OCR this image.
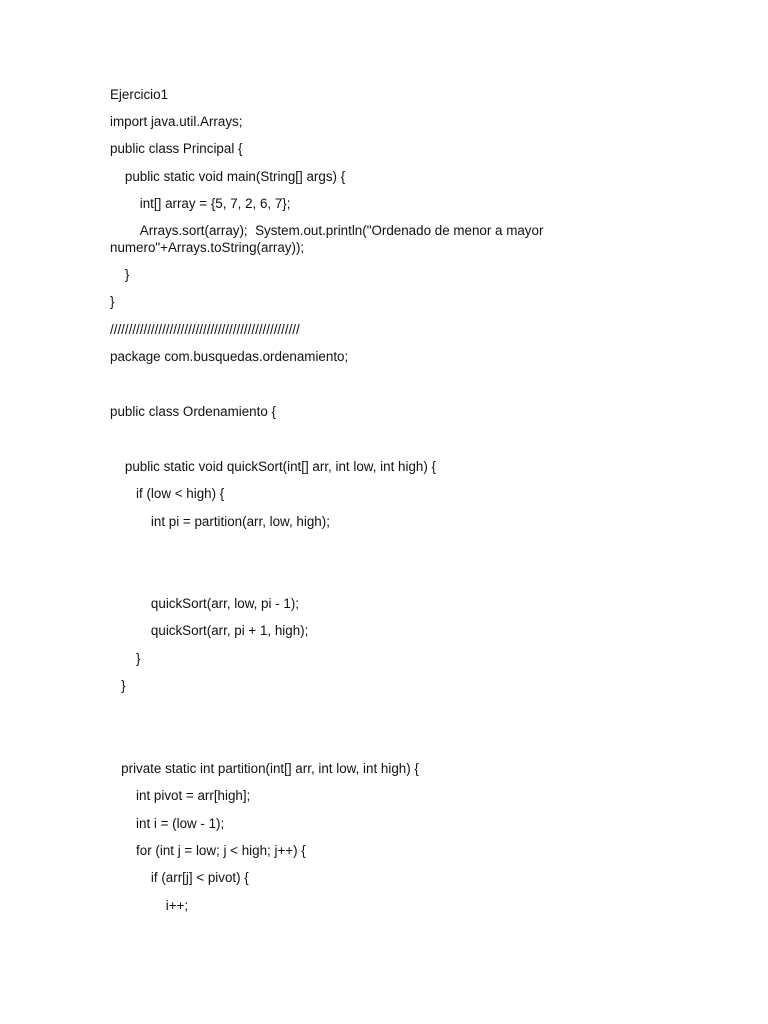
Ejercicio1
import java.util.Arrays;
public class Principal {
public static void main(String[] args) {
int[] array = {5, 7, 2, 6, 7};
Arrays.sort(array);  System.out.println("Ordenado de menor a mayor numero"+Arrays.toString(array));
}
}
///////////////////////////////////////////////////
package com.busquedas.ordenamiento;
public class Ordenamiento {
public static void quickSort(int[] arr, int low, int high) {
if (low < high) {
int pi = partition(arr, low, high);
quickSort(arr, low, pi - 1);
quickSort(arr, pi + 1, high);
}
}
private static int partition(int[] arr, int low, int high) {
int pivot = arr[high];
int i = (low - 1);
for (int j = low; j < high; j++) {
if (arr[j] < pivot) {
i++;
